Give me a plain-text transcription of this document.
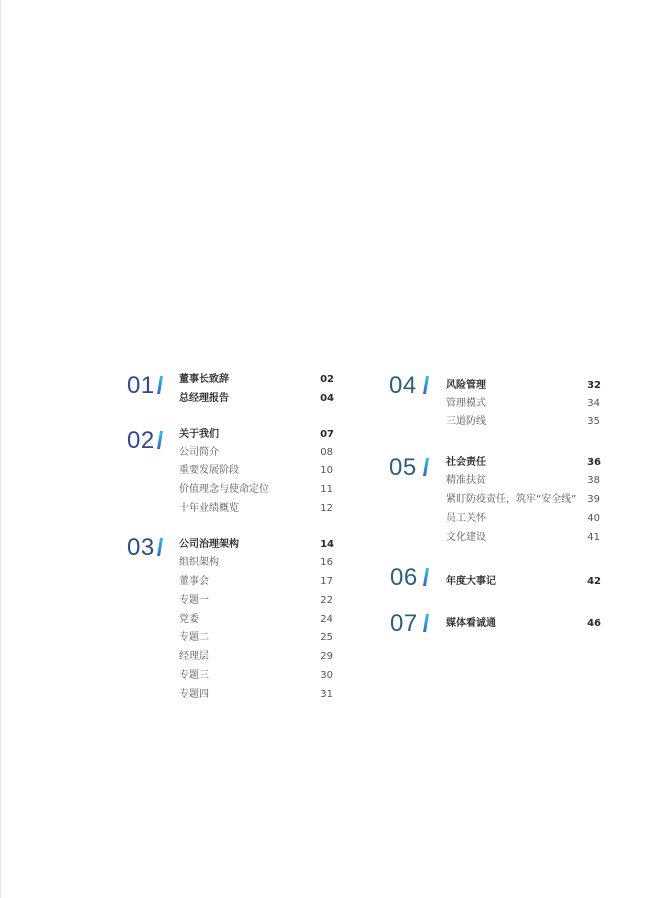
01 董事长致辞	02
总经理报告	04
02 关于我们	07
公司简介	08
重要发展阶段	10
价值理念与使命定位	11
十年业绩概览	12
03 公司治理架构	14
组织架构	16
董事会	17
专题一	22
党委	24
专题二	25
经理层	29
专题三	30
专题四	31
04	风险管理	32
管理模式	34
三道防线	35
05	社会责任	36
精准扶贫	38
紧盯防疫责任，筑牢“安全线”	39
员工关怀	40
文化建设	41
06	年度大事记	42
07	媒体看诚通	46
